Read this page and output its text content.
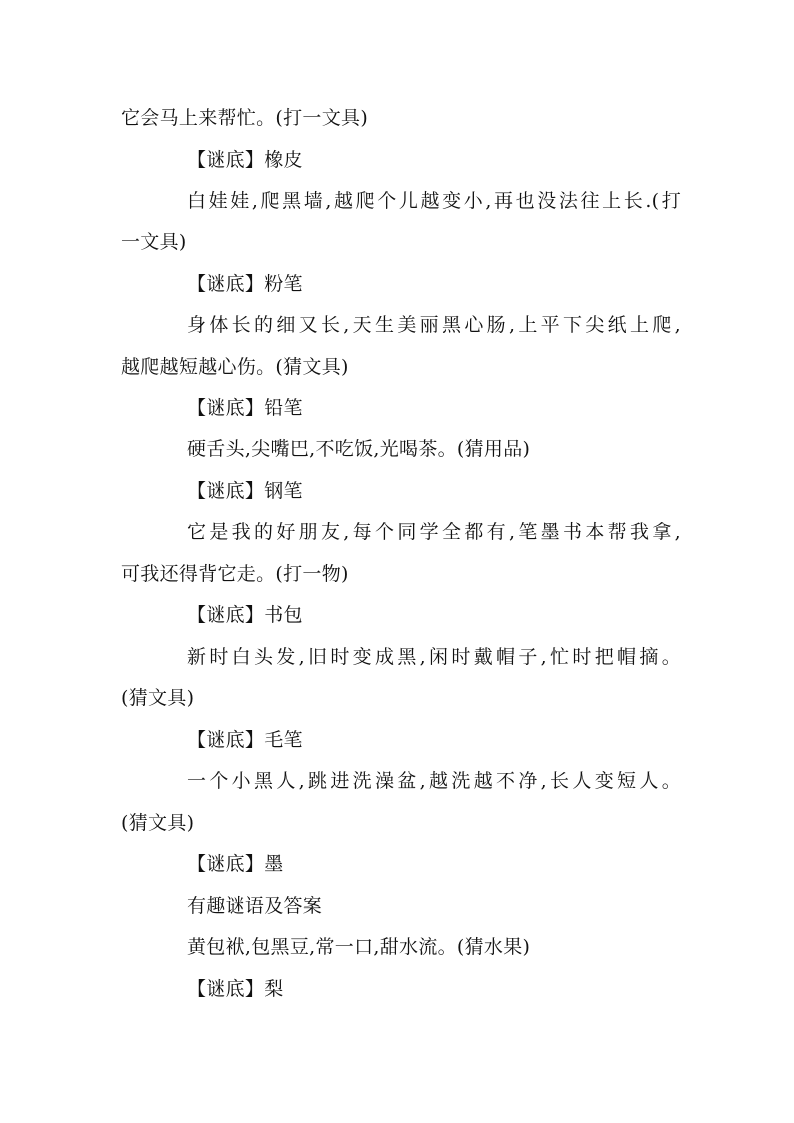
它会马上来帮忙。(打一文具)
【谜底】橡皮
白娃娃,爬黑墙,越爬个儿越变小,再也没法往上长.(打
一文具)
【谜底】粉笔
身体长的细又长,天生美丽黑心肠,上平下尖纸上爬,
越爬越短越心伤。(猜文具)
【谜底】铅笔
硬舌头,尖嘴巴,不吃饭,光喝茶。(猜用品)
【谜底】钢笔
它是我的好朋友,每个同学全都有,笔墨书本帮我拿,
可我还得背它走。(打一物)
【谜底】书包
新时白头发,旧时变成黑,闲时戴帽子,忙时把帽摘。
(猜文具)
【谜底】毛笔
一个小黑人,跳进洗澡盆,越洗越不净,长人变短人。
(猜文具)
【谜底】墨
有趣谜语及答案
黄包袱,包黑豆,常一口,甜水流。(猜水果)
【谜底】梨
